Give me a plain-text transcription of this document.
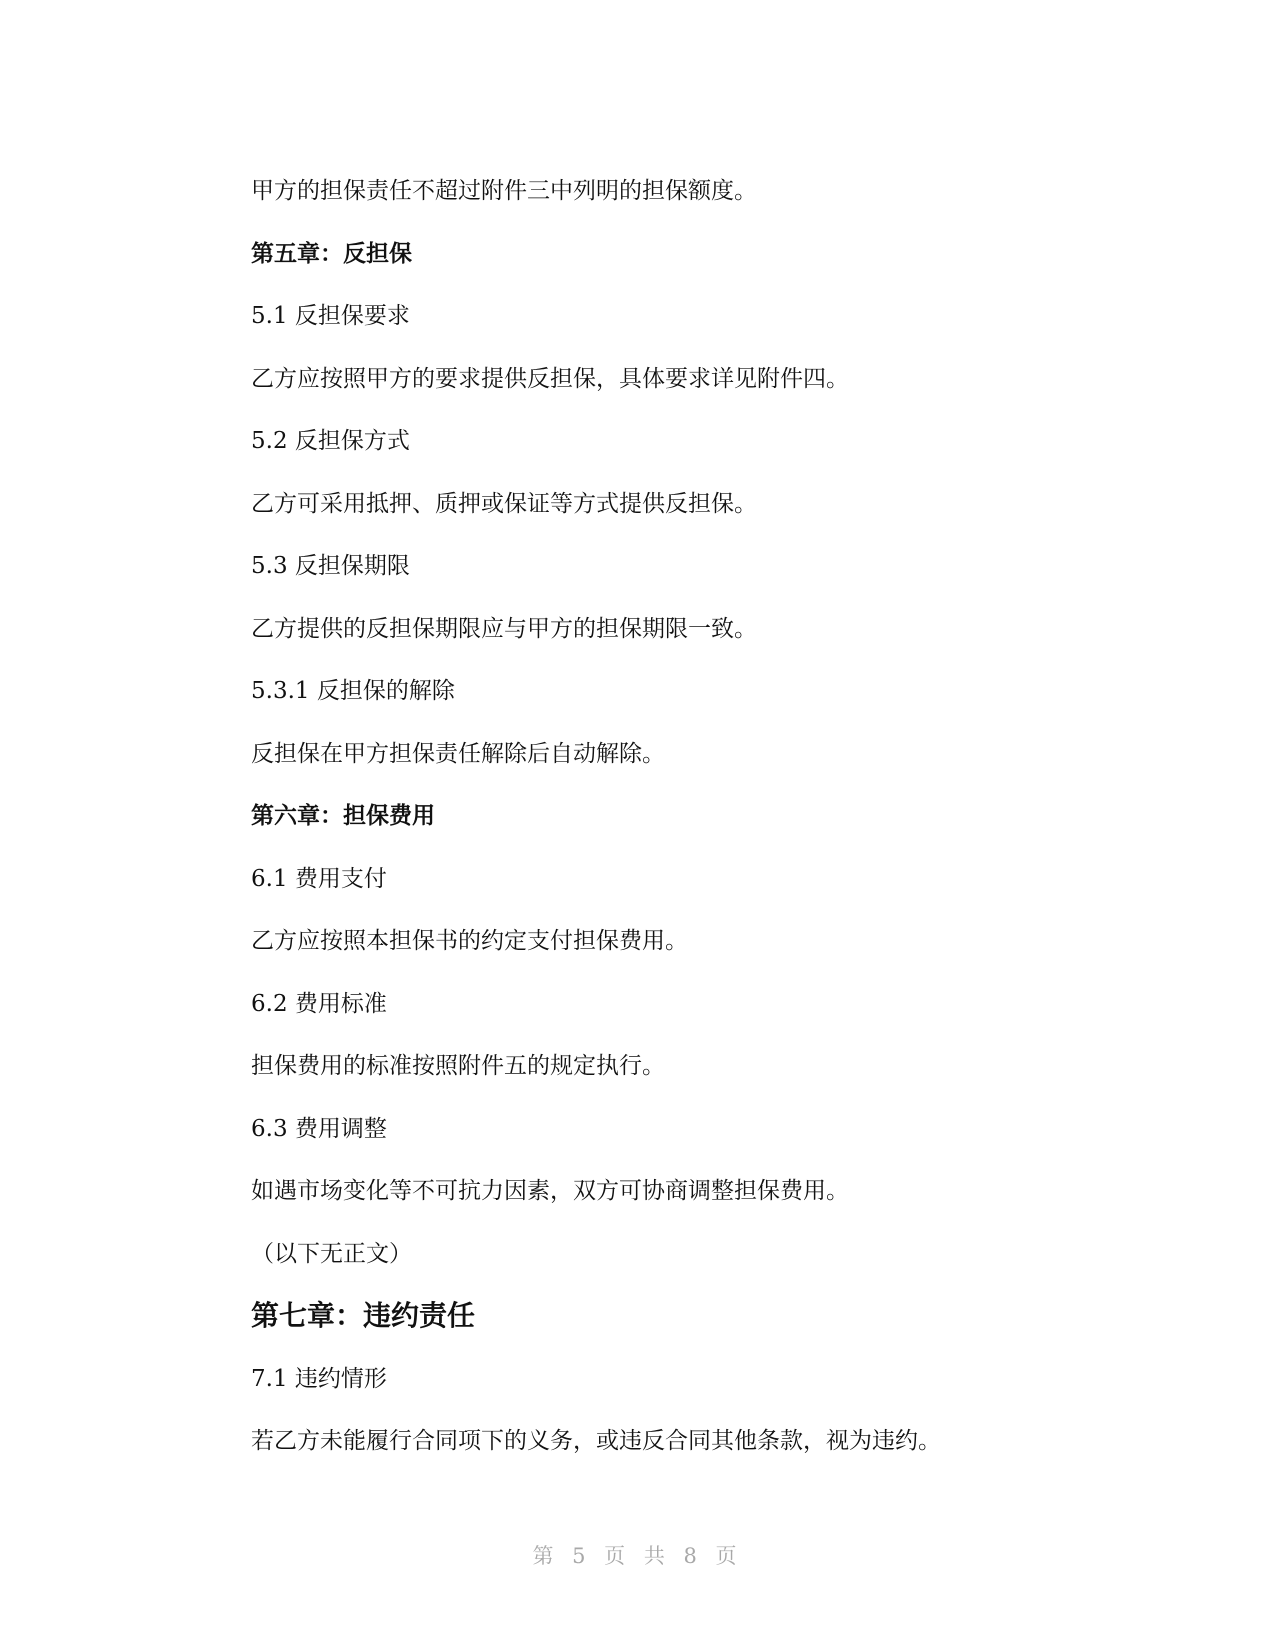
甲方的担保责任不超过附件三中列明的担保额度。
第五章：反担保
5.1 反担保要求
乙方应按照甲方的要求提供反担保，具体要求详见附件四。
5.2 反担保方式
乙方可采用抵押、质押或保证等方式提供反担保。
5.3 反担保期限
乙方提供的反担保期限应与甲方的担保期限一致。
5.3.1 反担保的解除
反担保在甲方担保责任解除后自动解除。
第六章：担保费用
6.1 费用支付
乙方应按照本担保书的约定支付担保费用。
6.2 费用标准
担保费用的标准按照附件五的规定执行。
6.3 费用调整
如遇市场变化等不可抗力因素，双方可协商调整担保费用。
（以下无正文）
第七章：违约责任
7.1 违约情形
若乙方未能履行合同项下的义务，或违反合同其他条款，视为违约。
第 5 页 共 8 页
